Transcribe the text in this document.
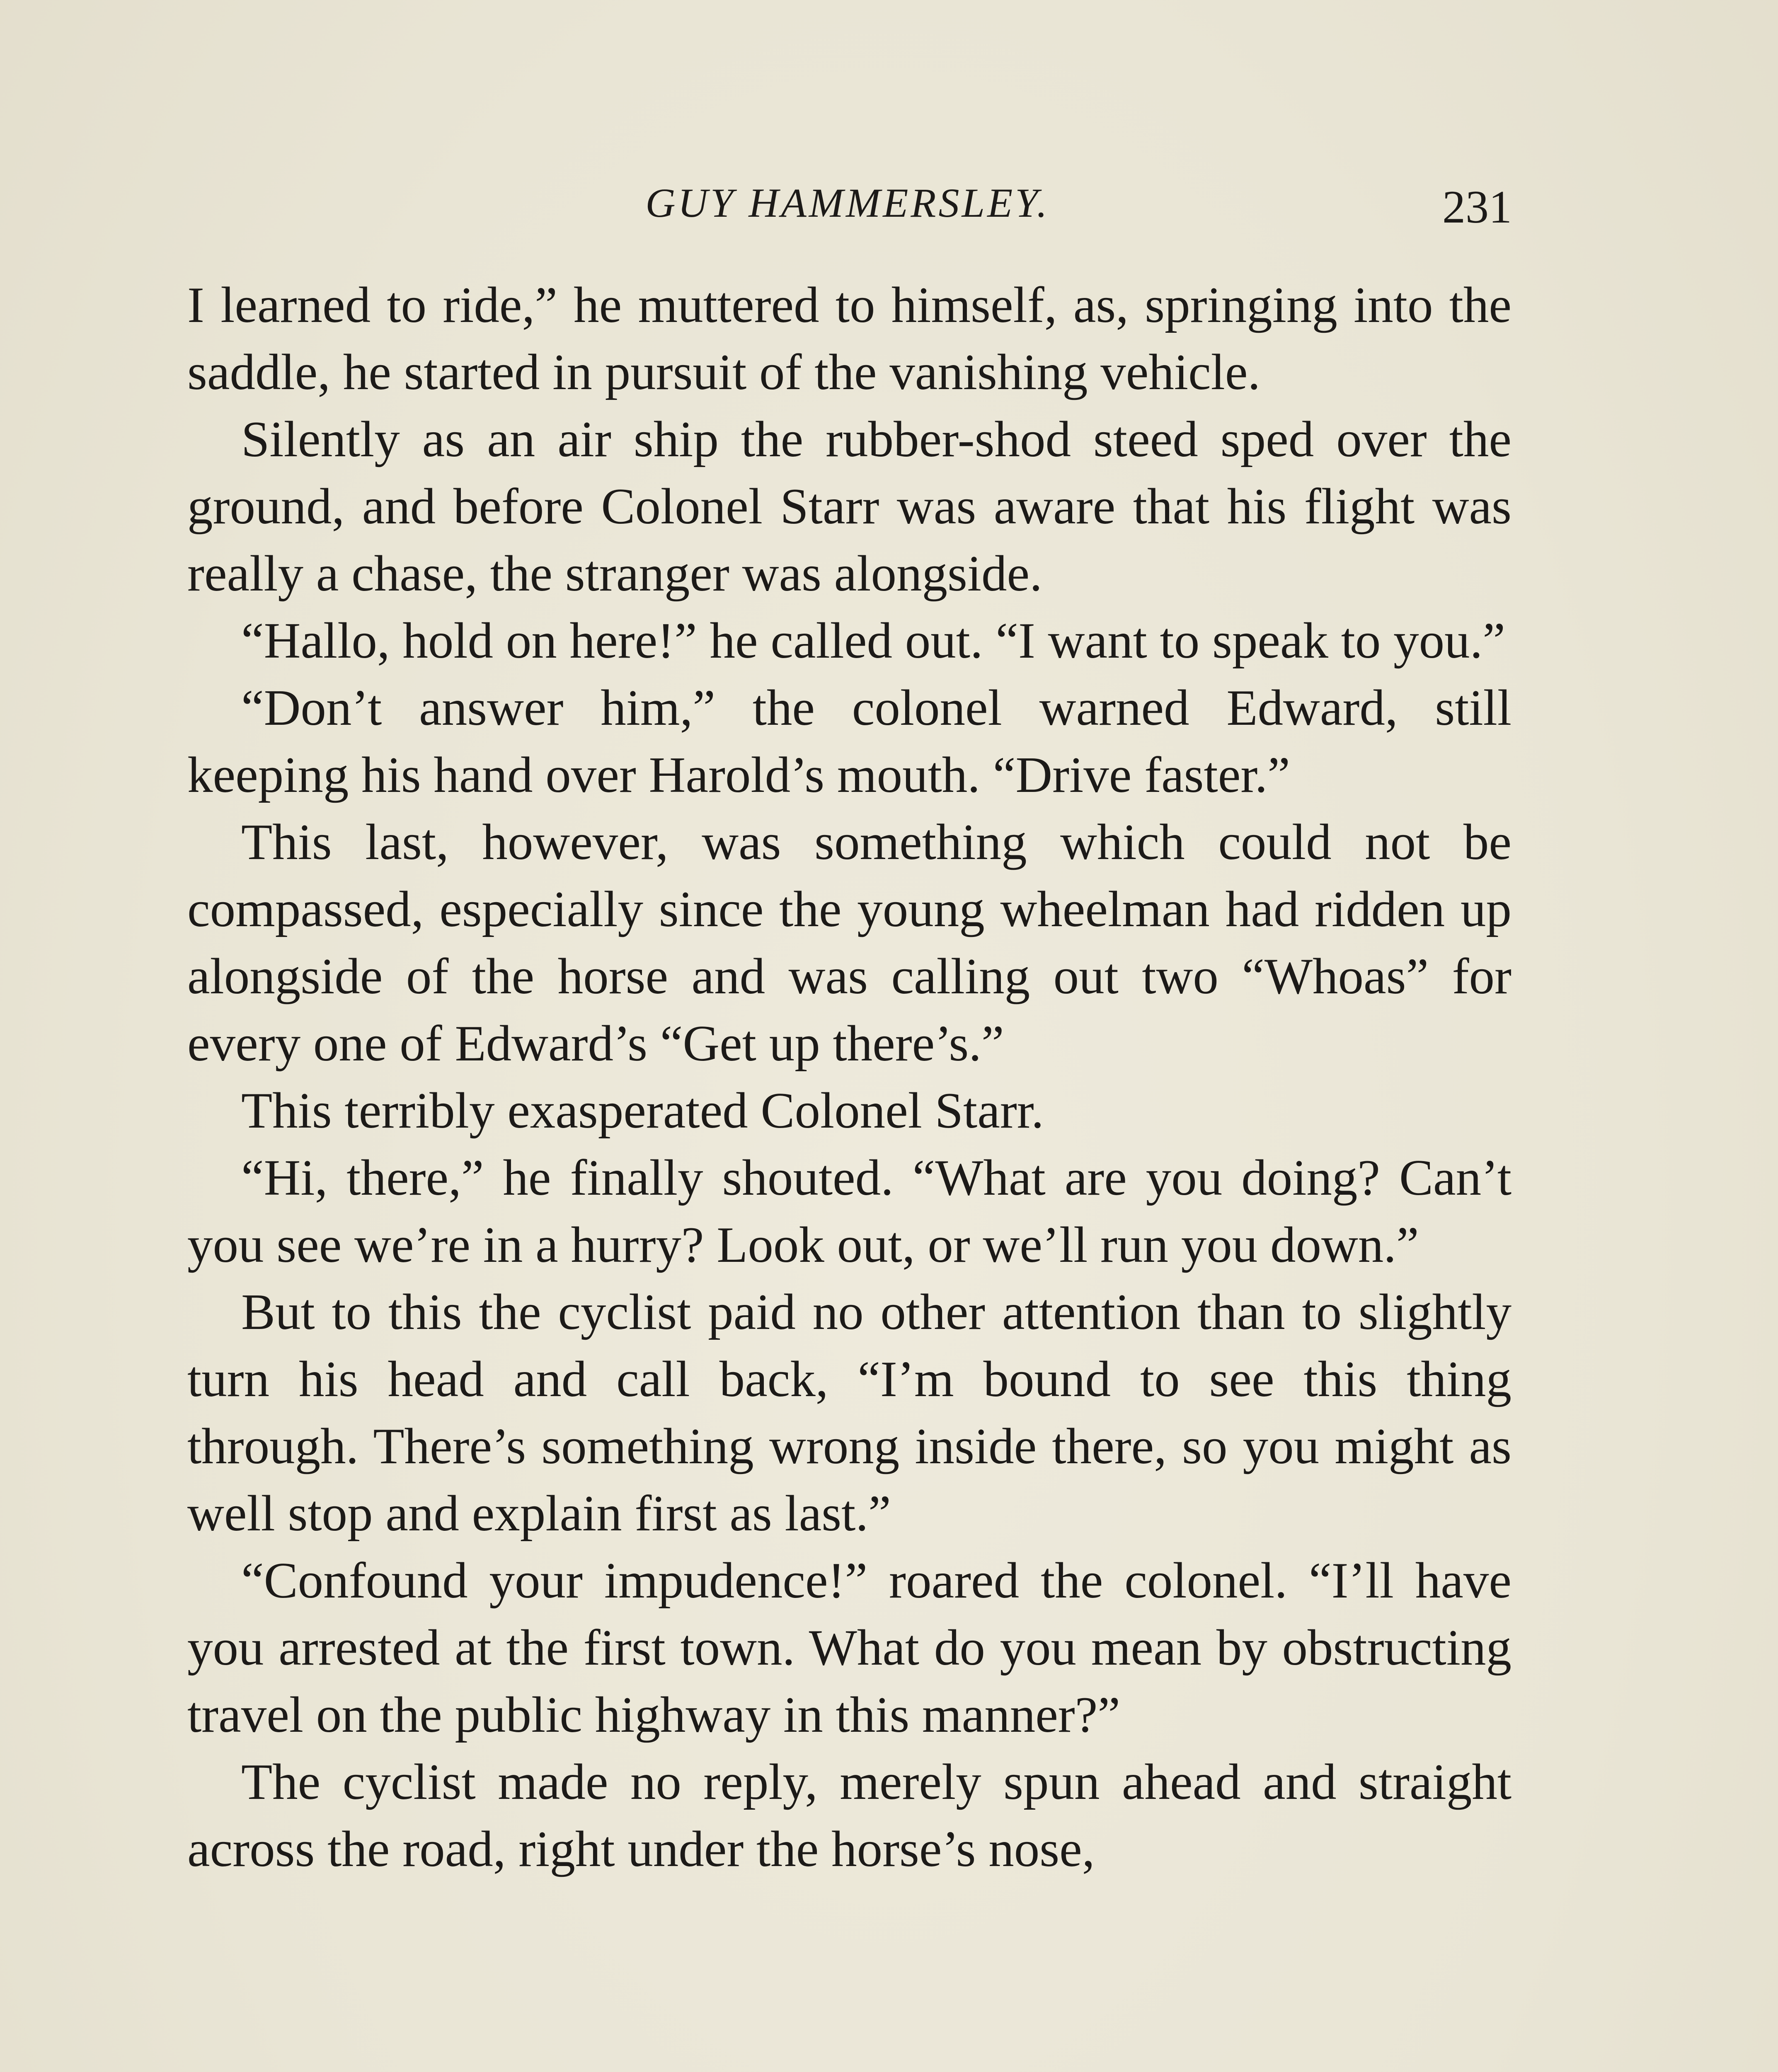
GUY HAMMERSLEY.	231

I learned to ride,” he muttered to himself, as, springing into the saddle, he started in pursuit of the vanishing vehicle.

Silently as an air ship the rubber-shod steed sped over the ground, and before Colonel Starr was aware that his flight was really a chase, the stranger was alongside.

“Hallo, hold on here!” he called out. “I want to speak to you.”

“Don’t answer him,” the colonel warned Edward, still keeping his hand over Harold’s mouth. “Drive faster.”

This last, however, was something which could not be compassed, especially since the young wheelman had ridden up alongside of the horse and was calling out two “Whoas” for every one of Edward’s “Get up there’s.”

This terribly exasperated Colonel Starr.

“Hi, there,” he finally shouted. “What are you doing? Can’t you see we’re in a hurry? Look out, or we’ll run you down.”

But to this the cyclist paid no other attention than to slightly turn his head and call back, “I’m bound to see this thing through. There’s something wrong inside there, so you might as well stop and explain first as last.”

“Confound your impudence!” roared the colonel. “I’ll have you arrested at the first town. What do you mean by obstructing travel on the public highway in this manner?”

The cyclist made no reply, merely spun ahead and straight across the road, right under the horse’s nose,
